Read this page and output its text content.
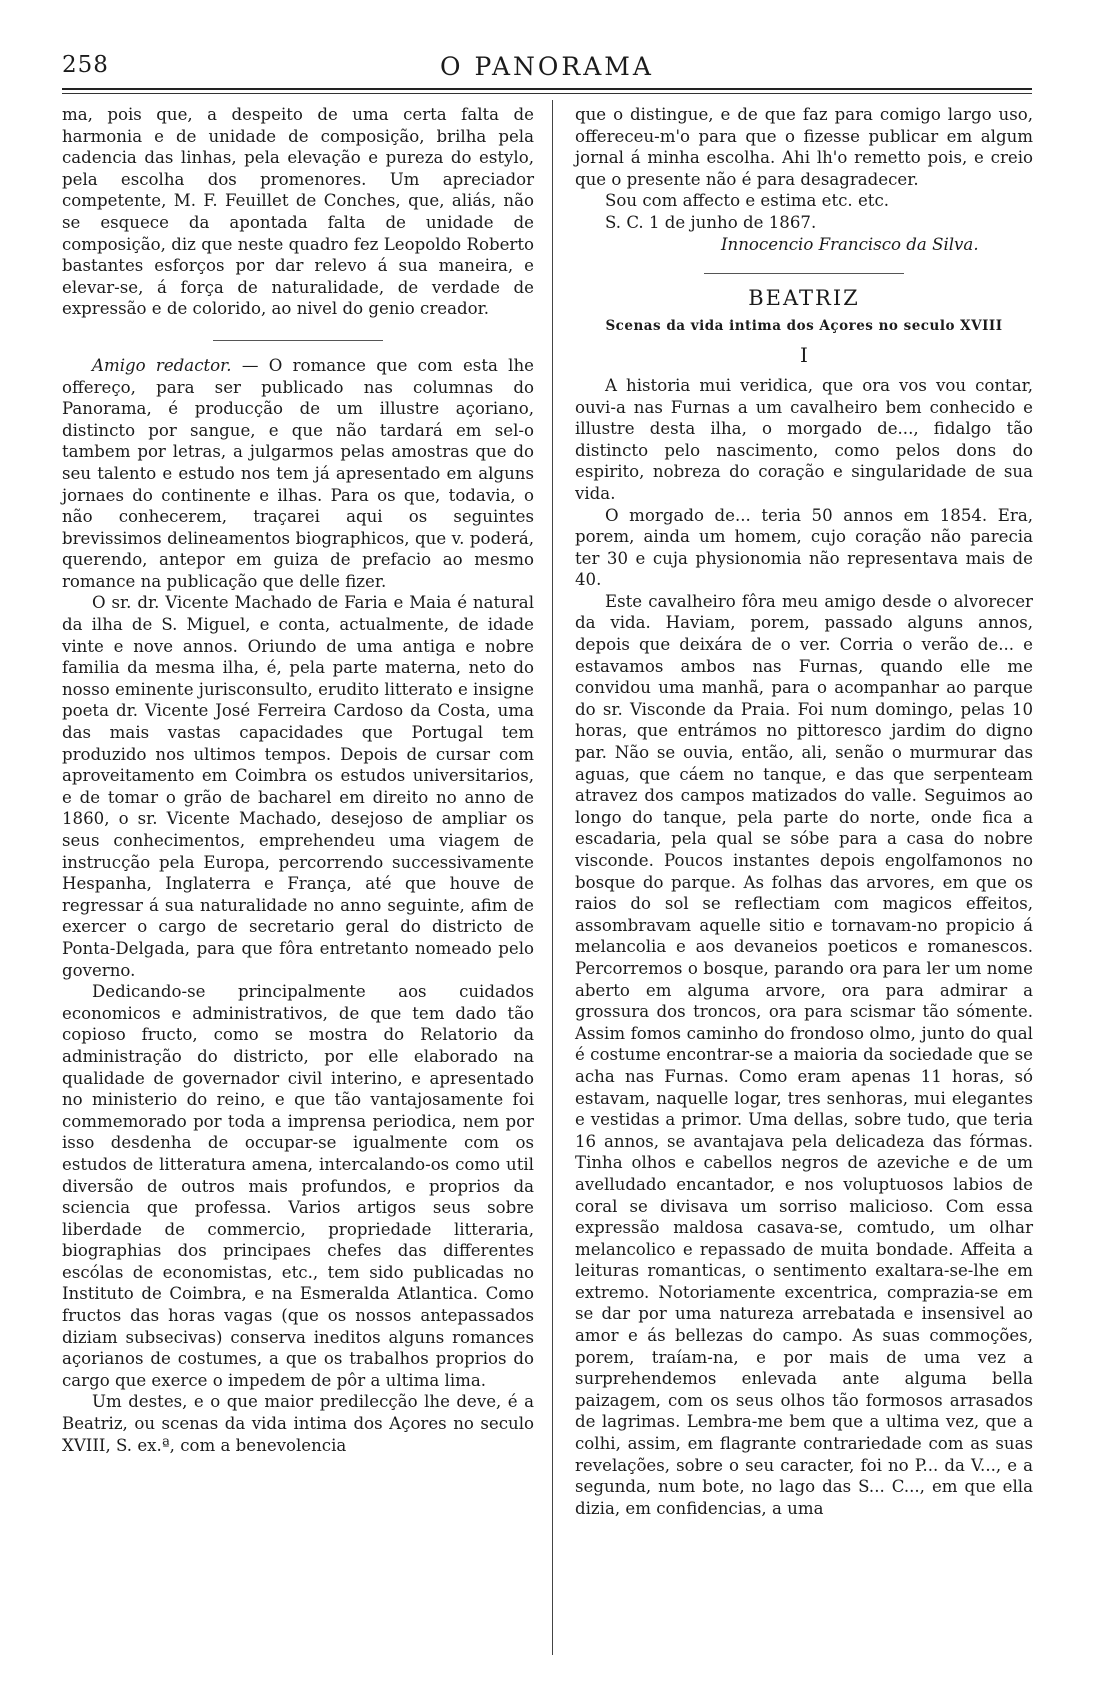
258	O PANORAMA

ma, pois que, a despeito de uma certa falta de harmonia e de unidade de composição, brilha pela cadencia das linhas, pela elevação e pureza do estylo, pela escolha dos promenores. Um apreciador competente, M. F. Feuillet de Conches, que, aliás, não se esquece da apontada falta de unidade de composição, diz que neste quadro fez Leopoldo Roberto bastantes esforços por dar relevo á sua maneira, e elevar-se, á força de naturalidade, de verdade de expressão e de colorido, ao nivel do genio creador.

Amigo redactor. — O romance que com esta lhe offereço, para ser publicado nas columnas do Panorama, é producção de um illustre açoriano, distincto por sangue, e que não tardará em sel-o tambem por letras, a julgarmos pelas amostras que do seu talento e estudo nos tem já apresentado em alguns jornaes do continente e ilhas. Para os que, todavia, o não conhecerem, traçarei aqui os seguintes brevissimos delineamentos biographicos, que v. poderá, querendo, antepor em guiza de prefacio ao mesmo romance na publicação que delle fizer.

O sr. dr. Vicente Machado de Faria e Maia é natural da ilha de S. Miguel, e conta, actualmente, de idade vinte e nove annos. Oriundo de uma antiga e nobre familia da mesma ilha, é, pela parte materna, neto do nosso eminente jurisconsulto, erudito litterato e insigne poeta dr. Vicente José Ferreira Cardoso da Costa, uma das mais vastas capacidades que Portugal tem produzido nos ultimos tempos. Depois de cursar com aproveitamento em Coimbra os estudos universitarios, e de tomar o grão de bacharel em direito no anno de 1860, o sr. Vicente Machado, desejoso de ampliar os seus conhecimentos, emprehendeu uma viagem de instrucção pela Europa, percorrendo successivamente Hespanha, Inglaterra e França, até que houve de regressar á sua naturalidade no anno seguinte, afim de exercer o cargo de secretario geral do districto de Ponta-Delgada, para que fôra entretanto nomeado pelo governo.

Dedicando-se principalmente aos cuidados economicos e administrativos, de que tem dado tão copioso fructo, como se mostra do Relatorio da administração do districto, por elle elaborado na qualidade de governador civil interino, e apresentado no ministerio do reino, e que tão vantajosamente foi commemorado por toda a imprensa periodica, nem por isso desdenha de occupar-se igualmente com os estudos de litteratura amena, intercalando-os como util diversão de outros mais profundos, e proprios da sciencia que professa. Varios artigos seus sobre liberdade de commercio, propriedade litteraria, biographias dos principaes chefes das differentes escólas de economistas, etc., tem sido publicadas no Instituto de Coimbra, e na Esmeralda Atlantica. Como fructos das horas vagas (que os nossos antepassados diziam subsecivas) conserva ineditos alguns romances açorianos de costumes, a que os trabalhos proprios do cargo que exerce o impedem de pôr a ultima lima.

Um destes, e o que maior predilecção lhe deve, é a Beatriz, ou scenas da vida intima dos Açores no seculo XVIII, S. ex.ª, com a benevolencia

que o distingue, e de que faz para comigo largo uso, offereceu-m'o para que o fizesse publicar em algum jornal á minha escolha. Ahi lh'o remetto pois, e creio que o presente não é para desagradecer.

Sou com affecto e estima etc. etc.

S. C. 1 de junho de 1867.

Innocencio Francisco da Silva.

BEATRIZ
Scenas da vida intima dos Açores no seculo XVIII
I

A historia mui veridica, que ora vos vou contar, ouvi-a nas Furnas a um cavalheiro bem conhecido e illustre desta ilha, o morgado de..., fidalgo tão distincto pelo nascimento, como pelos dons do espirito, nobreza do coração e singularidade de sua vida.

O morgado de... teria 50 annos em 1854. Era, porem, ainda um homem, cujo coração não parecia ter 30 e cuja physionomia não representava mais de 40.

Este cavalheiro fôra meu amigo desde o alvorecer da vida. Haviam, porem, passado alguns annos, depois que deixára de o ver. Corria o verão de... e estavamos ambos nas Furnas, quando elle me convidou uma manhã, para o acompanhar ao parque do sr. Visconde da Praia. Foi num domingo, pelas 10 horas, que entrámos no pittoresco jardim do digno par. Não se ouvia, então, ali, senão o murmurar das aguas, que cáem no tanque, e das que serpenteam atravez dos campos matizados do valle. Seguimos ao longo do tanque, pela parte do norte, onde fica a escadaria, pela qual se sóbe para a casa do nobre visconde. Poucos instantes depois engolfamonos no bosque do parque. As folhas das arvores, em que os raios do sol se reflectiam com magicos effeitos, assombravam aquelle sitio e tornavam-no propicio á melancolia e aos devaneios poeticos e romanescos. Percorremos o bosque, parando ora para ler um nome aberto em alguma arvore, ora para admirar a grossura dos troncos, ora para scismar tão sómente. Assim fomos caminho do frondoso olmo, junto do qual é costume encontrar-se a maioria da sociedade que se acha nas Furnas. Como eram apenas 11 horas, só estavam, naquelle logar, tres senhoras, mui elegantes e vestidas a primor. Uma dellas, sobre tudo, que teria 16 annos, se avantajava pela delicadeza das fórmas. Tinha olhos e cabellos negros de azeviche e de um avelludado encantador, e nos voluptuosos labios de coral se divisava um sorriso malicioso. Com essa expressão maldosa casava-se, comtudo, um olhar melancolico e repassado de muita bondade. Affeita a leituras romanticas, o sentimento exaltara-se-lhe em extremo. Notoriamente excentrica, comprazia-se em se dar por uma natureza arrebatada e insensivel ao amor e ás bellezas do campo. As suas commoções, porem, traíam-na, e por mais de uma vez a surprehendemos enlevada ante alguma bella paizagem, com os seus olhos tão formosos arrasados de lagrimas. Lembra-me bem que a ultima vez, que a colhi, assim, em flagrante contrariedade com as suas revelações, sobre o seu caracter, foi no P... da V..., e a segunda, num bote, no lago das S... C..., em que ella dizia, em confidencias, a uma
